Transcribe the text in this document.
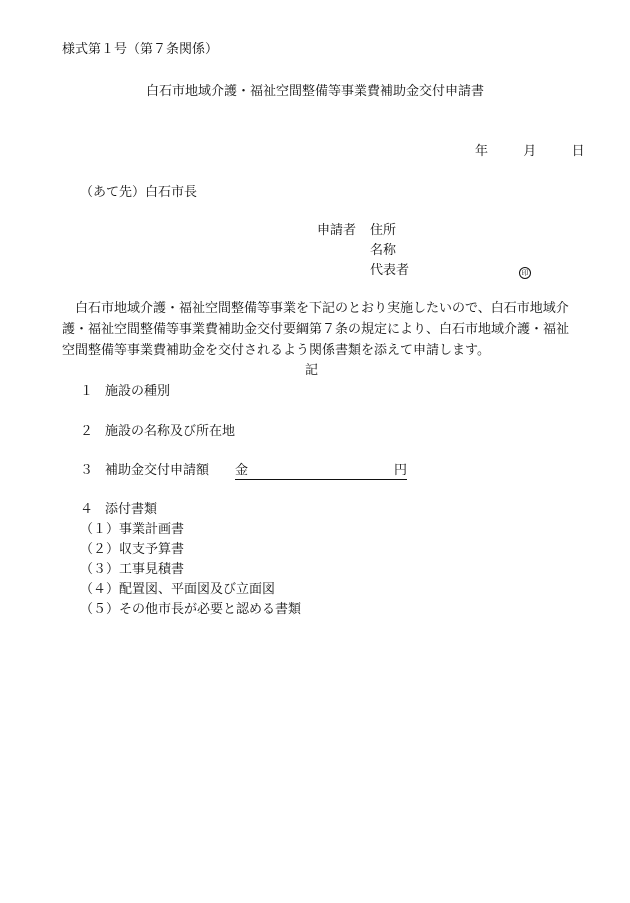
様式第１号（第７条関係）
白石市地域介護・福祉空間整備等事業費補助金交付申請書
年	月	日
（あて先）白石市長
申請者 住所
名称
代表者	印
白石市地域介護・福祉空間整備等事業を下記のとおり実施したいので、白石市地域介護・福祉空間整備等事業費補助金交付要綱第７条の規定により、白石市地域介護・福祉空間整備等事業費補助金を交付されるよう関係書類を添えて申請します。
記
１ 施設の種別
２ 施設の名称及び所在地
３ 補助金交付申請額 金	円
４ 添付書類
（１）事業計画書
（２）収支予算書
（３）工事見積書
（４）配置図、平面図及び立面図
（５）その他市長が必要と認める書類
